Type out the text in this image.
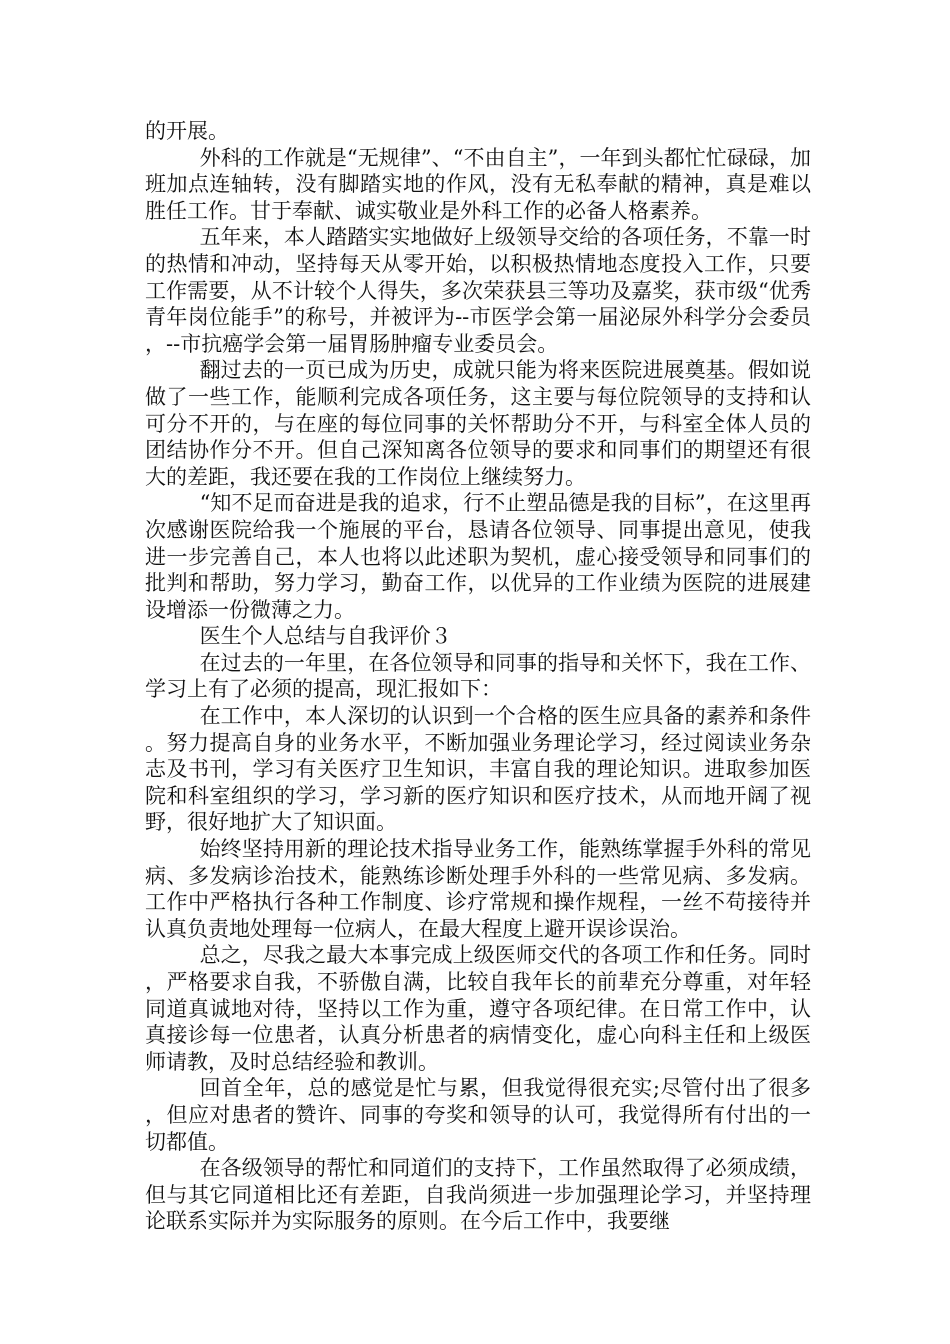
的开展。

外科的工作就是“无规律”、“不由自主”，一年到头都忙忙碌碌，加班加点连轴转，没有脚踏实地的作风，没有无私奉献的精神，真是难以胜任工作。甘于奉献、诚实敬业是外科工作的必备人格素养。

五年来，本人踏踏实实地做好上级领导交给的各项任务，不靠一时的热情和冲动，坚持每天从零开始，以积极热情地态度投入工作，只要工作需要，从不计较个人得失，多次荣获县三等功及嘉奖，获市级“优秀青年岗位能手”的称号，并被评为--市医学会第一届泌尿外科学分会委员，--市抗癌学会第一届胃肠肿瘤专业委员会。

翻过去的一页已成为历史，成就只能为将来医院进展奠基。假如说做了一些工作，能顺利完成各项任务，这主要与每位院领导的支持和认可分不开的，与在座的每位同事的关怀帮助分不开，与科室全体人员的团结协作分不开。但自己深知离各位领导的要求和同事们的期望还有很大的差距，我还要在我的工作岗位上继续努力。

“知不足而奋进是我的追求，行不止塑品德是我的目标”，在这里再次感谢医院给我一个施展的平台，恳请各位领导、同事提出意见，使我进一步完善自己，本人也将以此述职为契机，虚心接受领导和同事们的批判和帮助，努力学习，勤奋工作，以优异的工作业绩为医院的进展建设增添一份微薄之力。

医生个人总结与自我评价３

在过去的一年里，在各位领导和同事的指导和关怀下，我在工作、学习上有了必须的提高，现汇报如下：

在工作中，本人深切的认识到一个合格的医生应具备的素养和条件。努力提高自身的业务水平，不断加强业务理论学习，经过阅读业务杂志及书刊，学习有关医疗卫生知识，丰富自我的理论知识。进取参加医院和科室组织的学习，学习新的医疗知识和医疗技术，从而地开阔了视野，很好地扩大了知识面。

始终坚持用新的理论技术指导业务工作，能熟练掌握手外科的常见病、多发病诊治技术，能熟练诊断处理手外科的一些常见病、多发病。工作中严格执行各种工作制度、诊疗常规和操作规程，一丝不苟接待并认真负责地处理每一位病人，在最大程度上避开误诊误治。

总之，尽我之最大本事完成上级医师交代的各项工作和任务。同时，严格要求自我，不骄傲自满，比较自我年长的前辈充分尊重，对年轻同道真诚地对待，坚持以工作为重，遵守各项纪律。在日常工作中，认真接诊每一位患者，认真分析患者的病情变化，虚心向科主任和上级医师请教，及时总结经验和教训。

回首全年，总的感觉是忙与累，但我觉得很充实;尽管付出了很多，但应对患者的赞许、同事的夸奖和领导的认可，我觉得所有付出的一切都值。

在各级领导的帮忙和同道们的支持下，工作虽然取得了必须成绩，但与其它同道相比还有差距，自我尚须进一步加强理论学习，并坚持理论联系实际并为实际服务的原则。在今后工作中，我要继
